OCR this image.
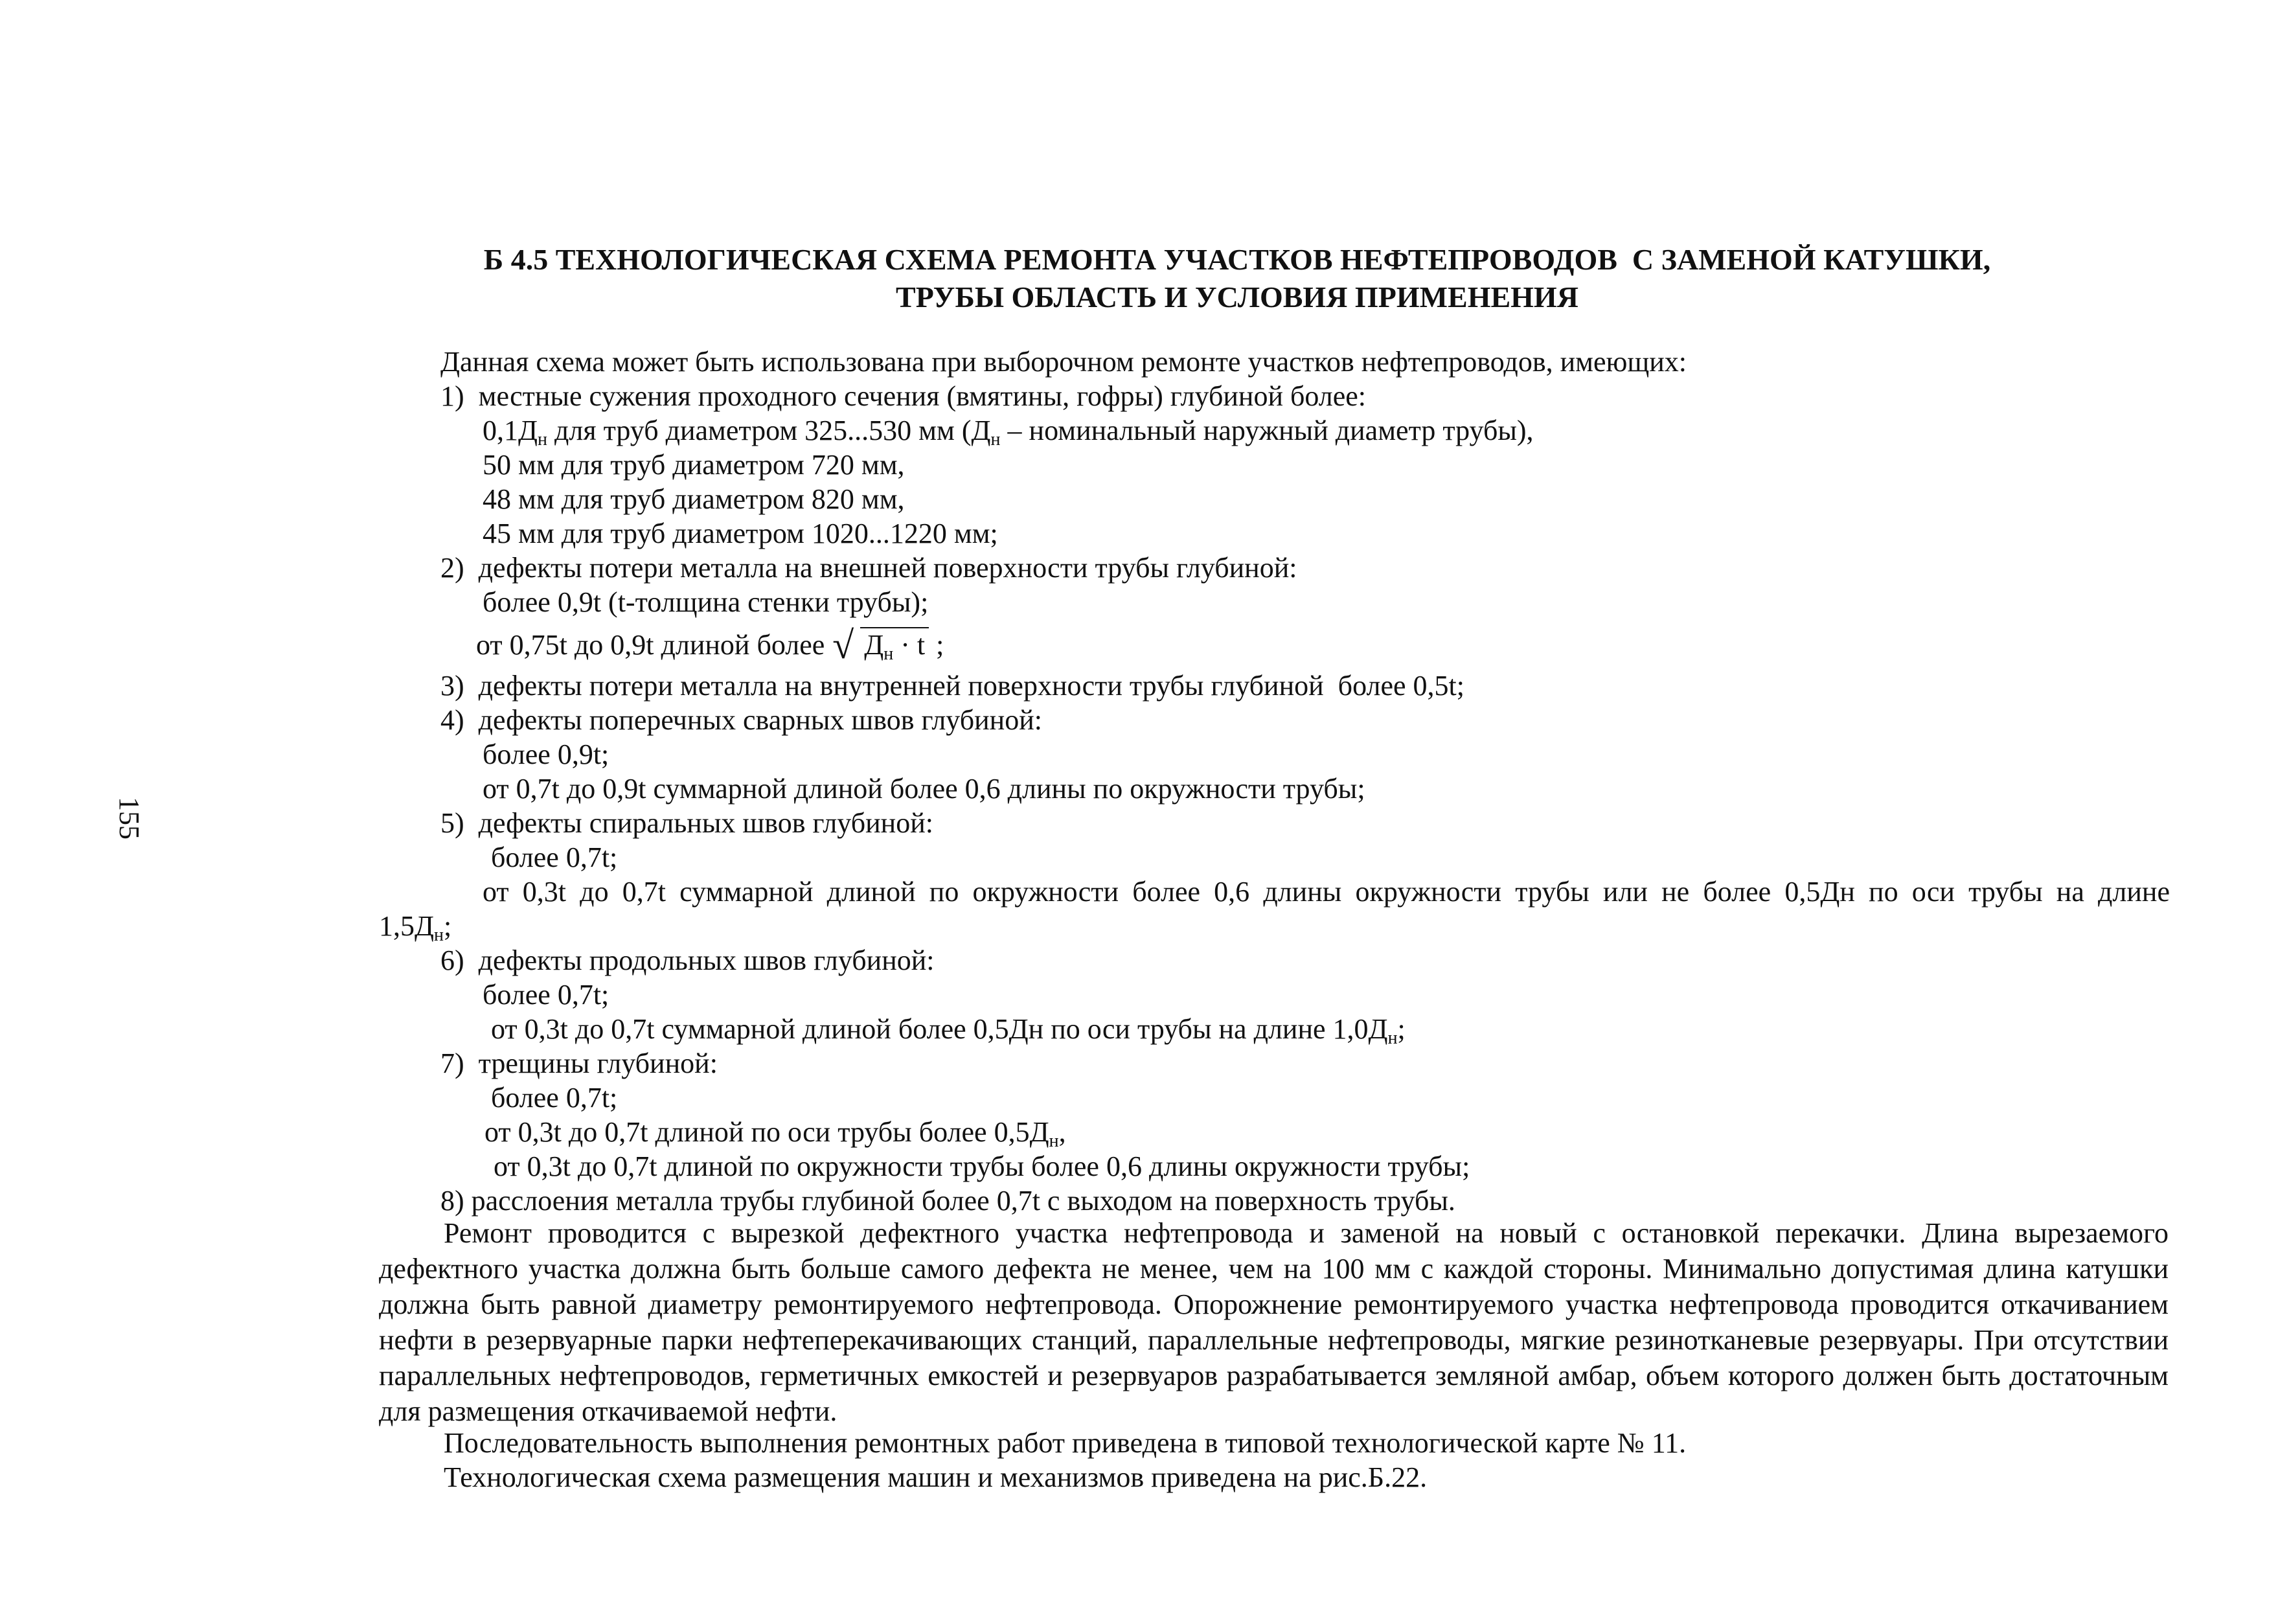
155
Б 4.5 ТЕХНОЛОГИЧЕСКАЯ СХЕМА РЕМОНТА УЧАСТКОВ НЕФТЕПРОВОДОВ  С ЗАМЕНОЙ КАТУШКИ,
ТРУБЫ ОБЛАСТЬ И УСЛОВИЯ ПРИМЕНЕНИЯ
Данная схема может быть использована при выборочном ремонте участков нефтепроводов, имеющих:
1)  местные сужения проходного сечения (вмятины, гофры) глубиной более:
$0,1Д_н$ для труб диаметром 325...530 мм ($Д_н$ – номинальный наружный диаметр трубы),
50 мм для труб диаметром 720 мм,
48 мм для труб диаметром 820 мм,
45 мм для труб диаметром 1020...1220 мм;
2)  дефекты потери металла на внешней поверхности трубы глубиной:
более 0,9t (t-толщина стенки трубы);
от 0,75t до 0,9t длиной более √ $Д_н \cdot t$ ;
3)  дефекты потери металла на внутренней поверхности трубы глубиной  более 0,5t;
4)  дефекты поперечных сварных швов глубиной:
более 0,9t;
от 0,7t до 0,9t суммарной длиной более 0,6 длины по окружности трубы;
5)  дефекты спиральных швов глубиной:
более 0,7t;
от 0,3t до 0,7t суммарной длиной по окружности более 0,6 длины окружности трубы или не более 0,5Дн по оси трубы на длине
$1,5Д_н$;
6)  дефекты продольных швов глубиной:
более 0,7t;
от 0,3t до 0,7t суммарной длиной более 0,5Дн по оси трубы на длине $1,0Д_н$;
7)  трещины глубиной:
более 0,7t;
от 0,3t до 0,7t длиной по оси трубы более $0,5Д_н$,
от 0,3t до 0,7t длиной по окружности трубы более 0,6 длины окружности трубы;
8) расслоения металла трубы глубиной более 0,7t с выходом на поверхность трубы.
Ремонт проводится с вырезкой дефектного участка нефтепровода и заменой на новый с остановкой перекачки. Длина вырезаемого дефектного участка должна быть больше самого дефекта не менее, чем на 100 мм с каждой стороны. Минимально допустимая длина катушки должна быть равной диаметру ремонтируемого нефтепровода. Опорожнение ремонтируемого участка нефтепровода проводится откачиванием нефти в резервуарные парки нефтеперекачивающих станций, параллельные нефтепроводы, мягкие резинотканевые резервуары. При отсутствии параллельных нефтепроводов, герметичных емкостей и резервуаров разрабатывается земляной амбар, объем которого должен быть достаточным для размещения откачиваемой нефти.
Последовательность выполнения ремонтных работ приведена в типовой технологической карте № 11.
Технологическая схема размещения машин и механизмов приведена на рис.Б.22.
